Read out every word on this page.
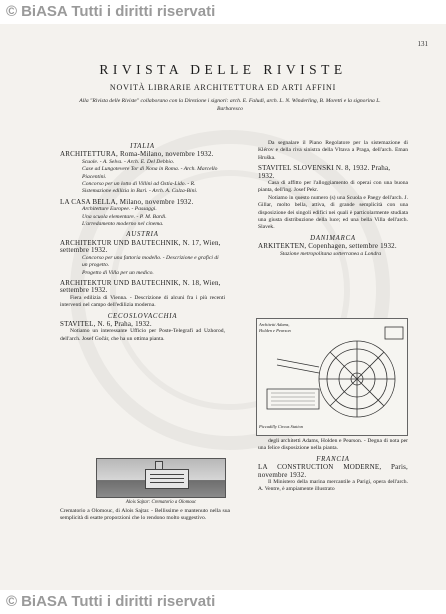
© BiASA Tutti i diritti riservati
131
RIVISTA DELLE RIVISTE
NOVITÀ LIBRARIE ARCHITETTURA ED ARTI AFFINI
Alla "Rivista delle Riviste" collaborano con la Direzione i signori: arch. E. Faludi, arch. L. N. Winderling, B. Moretti e la signorina L. Barbaresco
ITALIA
ARCHITETTURA, Roma-Milano, novembre 1932.
Scuole. - A. Selva. - Arch. E. Del Debbio.
Case ad Lungotevere Tor di Nona in Roma. - Arch. Marcello Piacentini.
Concorso per un lotto di Villini ad Ostia-Lido. - R.
Sistemazione edilizia in Bari. - Arch. A. Calza-Bini.
LA CASA BELLA, Milano, novembre 1932.
Architetture Europee. - Passaggi.
Una scuola elementare. - P. M. Bardi.
L'arredamento moderno nel cinema.
AUSTRIA
ARCHITEKTUR UND BAUTECHNIK, N. 17, Wien, settembre 1932.
Concorso per una fattoria modello. - Descrizione e grafici di un progetto.
Progetto di Villa per un medico.
ARCHITEKTUR UND BAUTECHNIK, N. 18, Wien, settembre 1932.
Fiera edilizia di Vienna. - Descrizione di alcuni fra i più recenti interventi nel campo dell'edilizia moderna.
CECOSLOVACCHIA
STAVITEL, N. 6, Praha, 1932.
Notiamo un interessante Ufficio per Poste-Telegrafi ad Uzhorod, dell'arch. Josef Gočár, che ha un ottima pianta.
Alois Sajtar: Crematorio a Olomouc
Crematorio a Olomouc, di Alois Sajtar. - Bellissime e mantenuto nella sua semplicità di esatte proporzioni che lo rendono molto suggestivo.
Da segnalare il Piano Regolatore per la sistemazione di Klérov e della riva sinistra della Vltava a Praga, dell'arch. Eman Hruška.
STAVITEL SLOVENSKI N. 8, 1932. Praha, 1932.
Casa di affitto per l'alloggiamento di operai con una buona pianta, dell'ing. Josef Pekr.
Notiamo in questo numero (s) una Scuola e Paegy dell'arch. J. Gillar, molto bella, attiva, di grande semplicità con una disposizione dei singoli edifici nei quali è particolarmente studiata una giusta distribuzione della luce; ed una bella Villa dell'arch. Slavek.
DANIMARCA
ARKITEKTEN, Copenhagen, settembre 1932.
Stazione metropolitana sotterranea a Londra
Architetti Adams, Holden e Pearson
Piccadilly Circus Station
degli architetti Adams, Holden e Pearson. - Degna di nota per una felice disposizione nella pianta.
FRANCIA
LA CONSTRUCTION MODERNE, Paris, novembre 1932.
Il Ministero della marina mercantile a Parigi, opera dell'arch. A. Ventre, è ampiamente illustrato
© BiASA Tutti i diritti riservati
